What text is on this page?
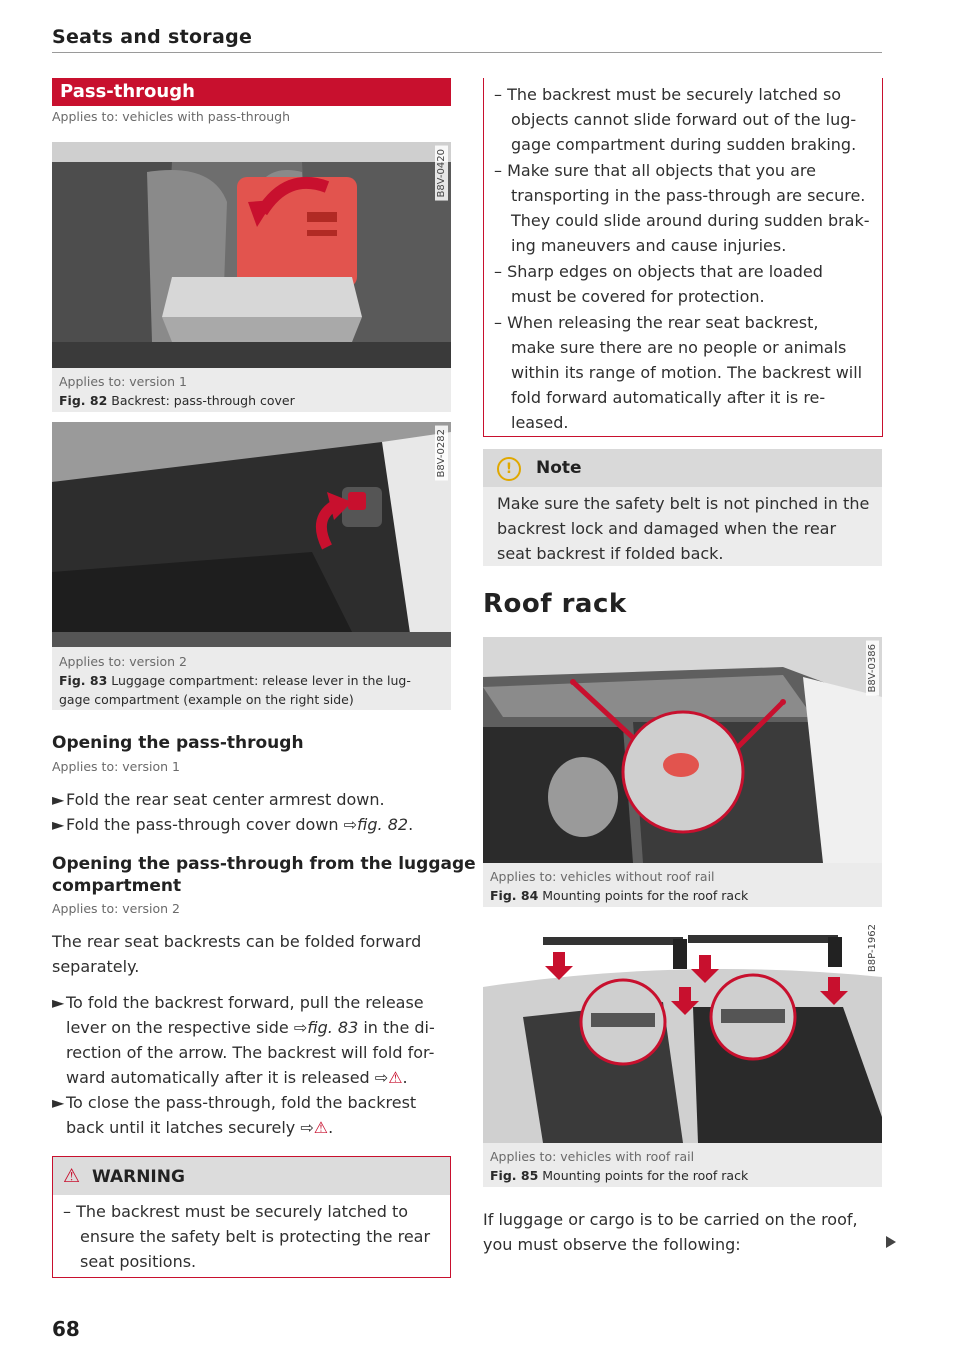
Seats and storage
Pass-through
Applies to: vehicles with pass-through
B8V-0420
Applies to: version 1
Fig. 82 Backrest: pass-through cover
B8V-0282
Applies to: version 2
Fig. 83 Luggage compartment: release lever in the lug-
gage compartment (example on the right side)
Opening the pass-through
Applies to: version 1
► Fold the rear seat center armrest down.
► Fold the pass-through cover down ⇨fig. 82.
Opening the pass-through from the luggage
compartment
Applies to: version 2
The rear seat backrests can be folded forward
separately.
► To fold the backrest forward, pull the release
lever on the respective side ⇨fig. 83 in the di-
rection of the arrow. The backrest will fold for-
ward automatically after it is released ⇨⚠.
► To close the pass-through, fold the backrest
back until it latches securely ⇨⚠.
⚠ WARNING
– The backrest must be securely latched to
ensure the safety belt is protecting the rear
seat positions.
68
– The backrest must be securely latched so
objects cannot slide forward out of the lug-
gage compartment during sudden braking.
– Make sure that all objects that you are
transporting in the pass-through are secure.
They could slide around during sudden brak-
ing maneuvers and cause injuries.
– Sharp edges on objects that are loaded
must be covered for protection.
– When releasing the rear seat backrest,
make sure there are no people or animals
within its range of motion. The backrest will
fold forward automatically after it is re-
leased.
!	Note
Make sure the safety belt is not pinched in the
backrest lock and damaged when the rear
seat backrest if folded back.
Roof rack
B8V-0386
Applies to: vehicles without roof rail
Fig. 84 Mounting points for the roof rack
B8P-1962
Applies to: vehicles with roof rail
Fig. 85 Mounting points for the roof rack
If luggage or cargo is to be carried on the roof,
you must observe the following:
